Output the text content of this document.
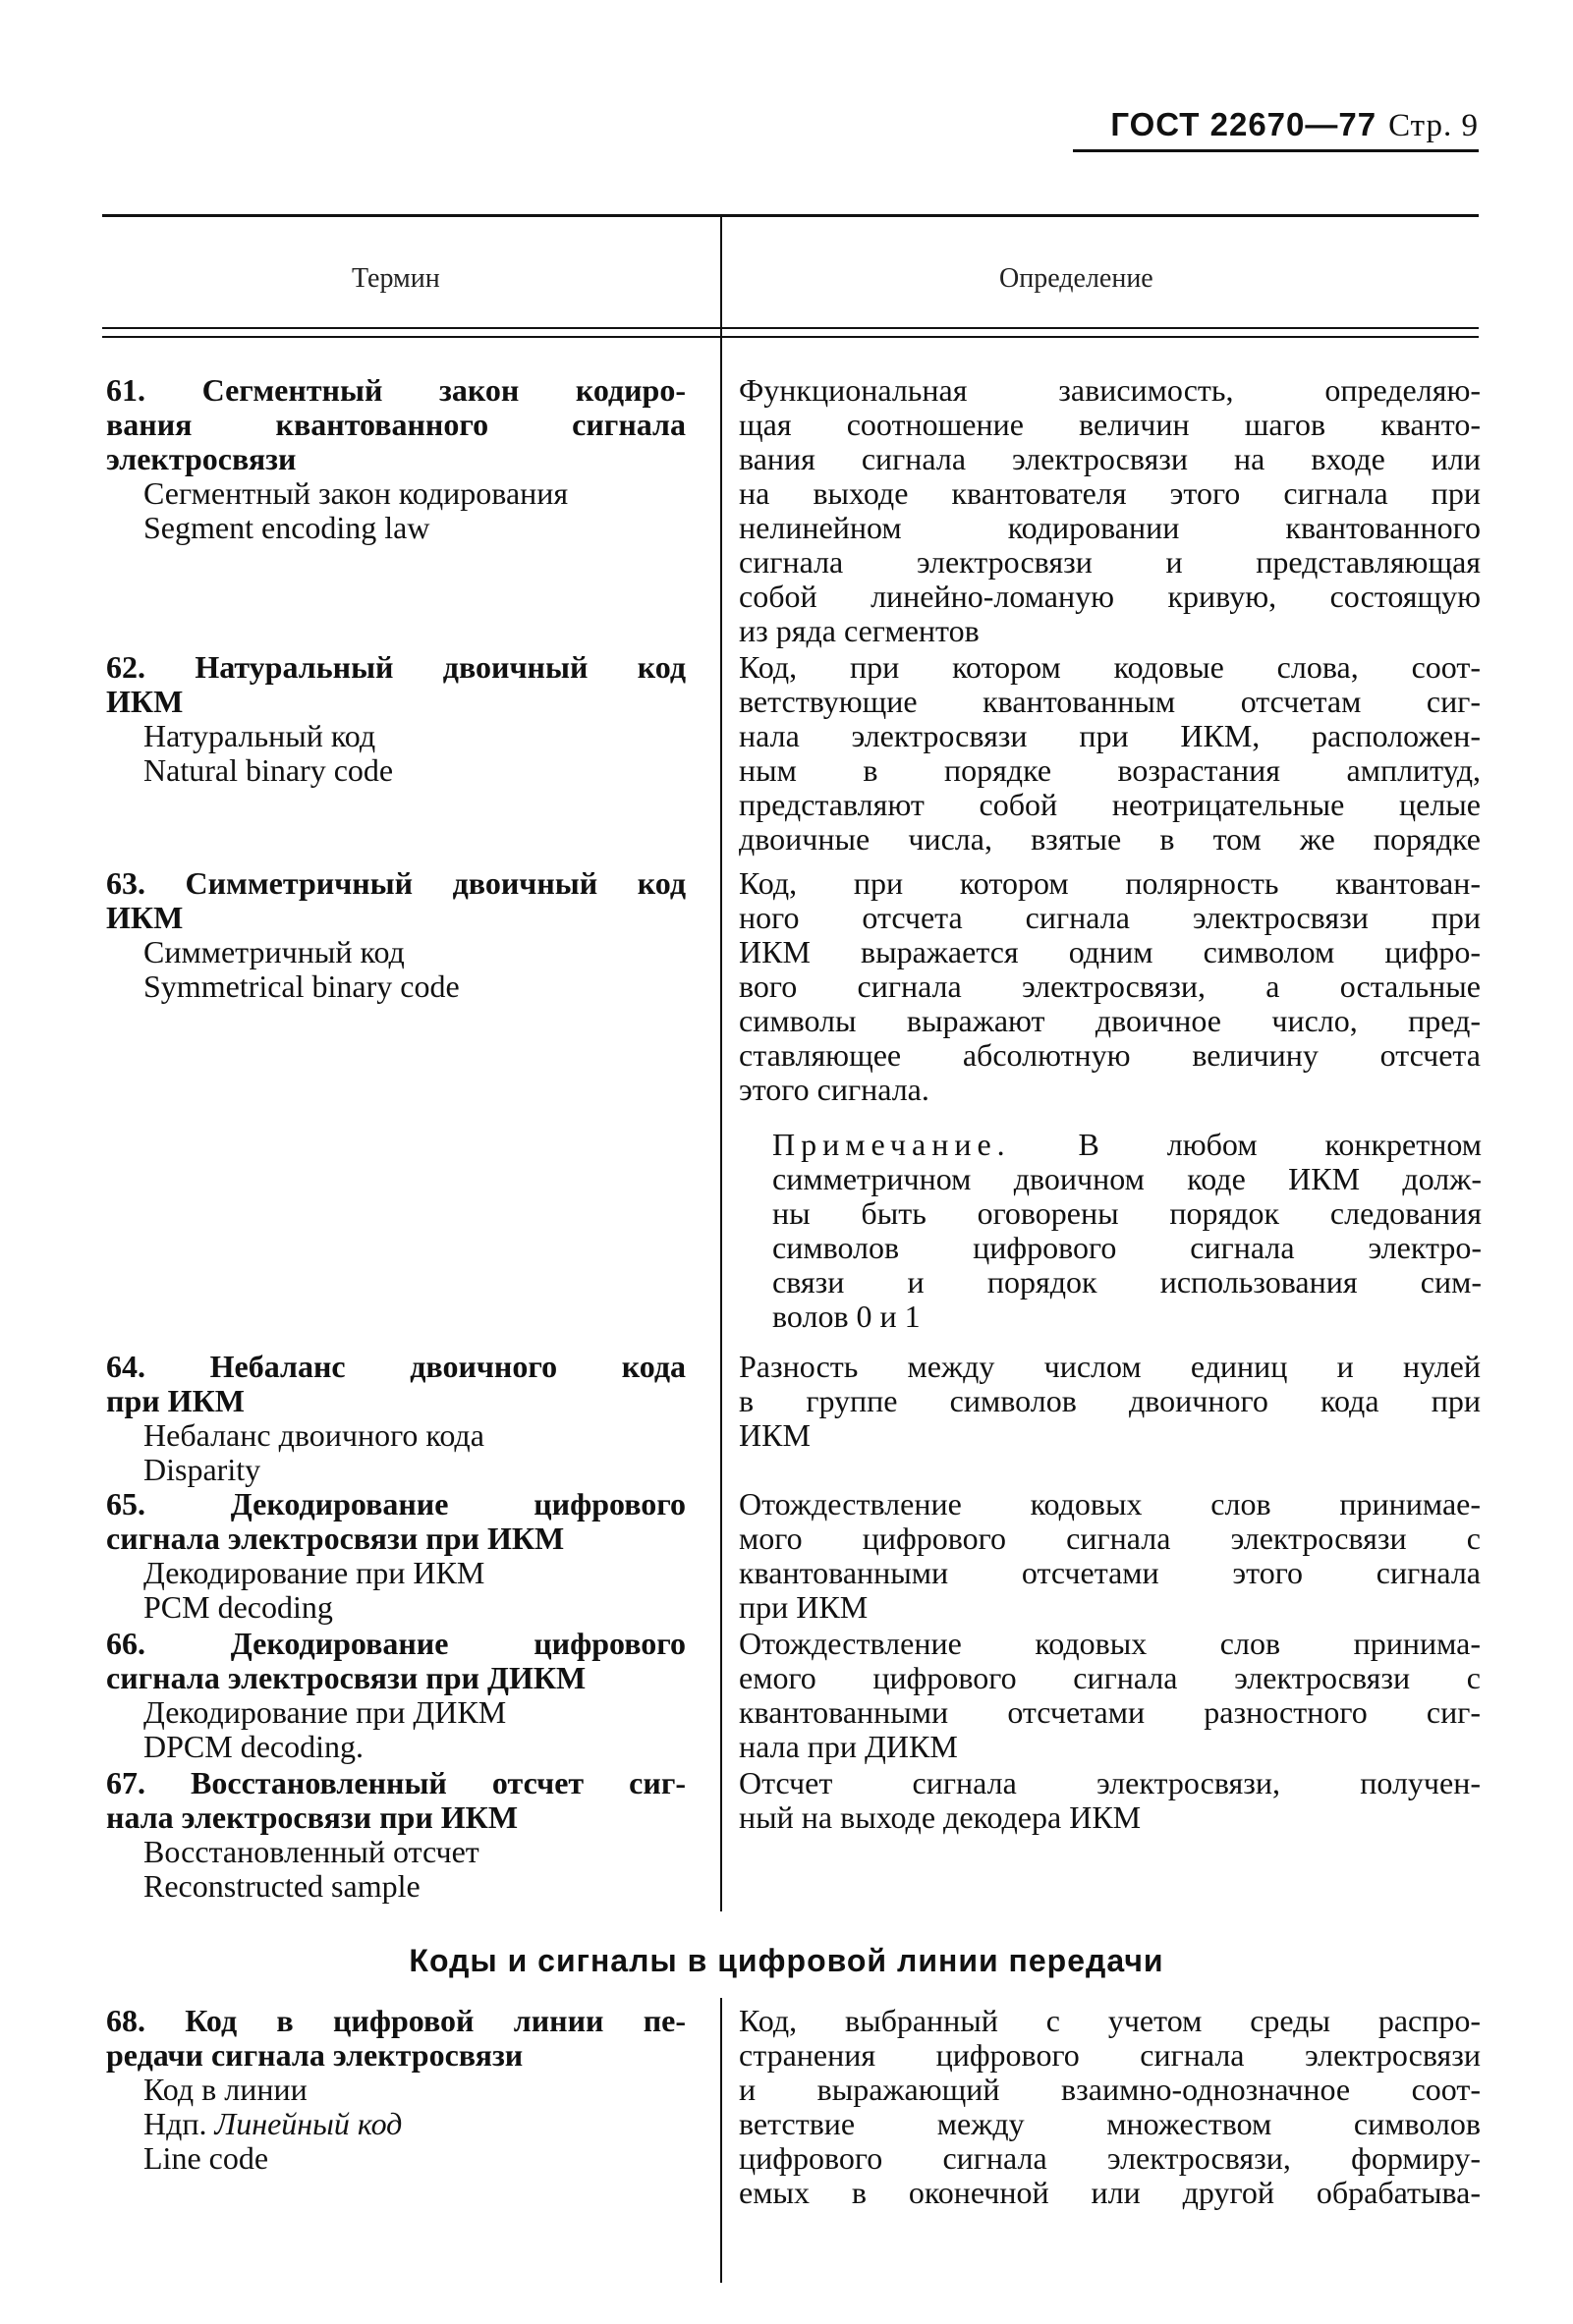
ГОСТ 22670—77 Стр. 9
Термин	Определение
61. Сегментный закон кодиро-
вания квантованного сигнала
электросвязи
Сегментный закон кодирования
Segment encoding law
Функциональная зависимость, определяю-
щая соотношение величин шагов кванто-
вания сигнала электросвязи на входе или
на выходе квантователя этого сигнала при
нелинейном кодировании квантованного
сигнала электросвязи и представляющая
собой линейно-ломаную кривую, состоящую
из ряда сегментов
62. Натуральный двоичный код
ИКМ
Натуральный код
Natural binary code
Код, при котором кодовые слова, соот-
ветствующие квантованным отсчетам сиг-
нала электросвязи при ИКМ, расположен-
ным в порядке возрастания амплитуд,
представляют собой неотрицательные целые
двоичные числа, взятые в том же порядке
63. Симметричный двоичный код
ИКМ
Симметричный код
Symmetrical binary code
Код, при котором полярность квантован-
ного отсчета сигнала электросвязи при
ИКМ выражается одним символом цифро-
вого сигнала электросвязи, а остальные
символы выражают двоичное число, пред-
ставляющее абсолютную величину отсчета
этого сигнала.
Примечание. В любом конкретном
симметричном двоичном коде ИКМ долж-
ны быть оговорены порядок следования
символов цифрового сигнала электро-
связи и порядок использования сим-
волов 0 и 1
64. Небаланс двоичного кода
при ИКМ
Небаланс двоичного кода
Disparity
Разность между числом единиц и нулей
в группе символов двоичного кода при
ИКМ
65. Декодирование цифрового
сигнала электросвязи при ИКМ
Декодирование при ИКМ
PCM decoding
Отождествление кодовых слов принимае-
мого цифрового сигнала электросвязи с
квантованными отсчетами этого сигнала
при ИКМ
66. Декодирование цифрового
сигнала электросвязи при ДИКМ
Декодирование при ДИКМ
DPCM decoding.
Отождествление кодовых слов принима-
емого цифрового сигнала электросвязи с
квантованными отсчетами разностного сиг-
нала при ДИКМ
67. Восстановленный отсчет сиг-
нала электросвязи при ИКМ
Восстановленный отсчет
Reconstructed sample
Отсчет сигнала электросвязи, получен-
ный на выходе декодера ИКМ
Коды и сигналы в цифровой линии передачи
68. Код в цифровой линии пе-
редачи сигнала электросвязи
Код в линии
Ндп. Линейный код
Line code
Код, выбранный с учетом среды распро-
странения цифрового сигнала электросвязи
и выражающий взаимно-однозначное соот-
ветствие между множеством символов
цифрового сигнала электросвязи, формиру-
емых в оконечной или другой обрабатыва-
